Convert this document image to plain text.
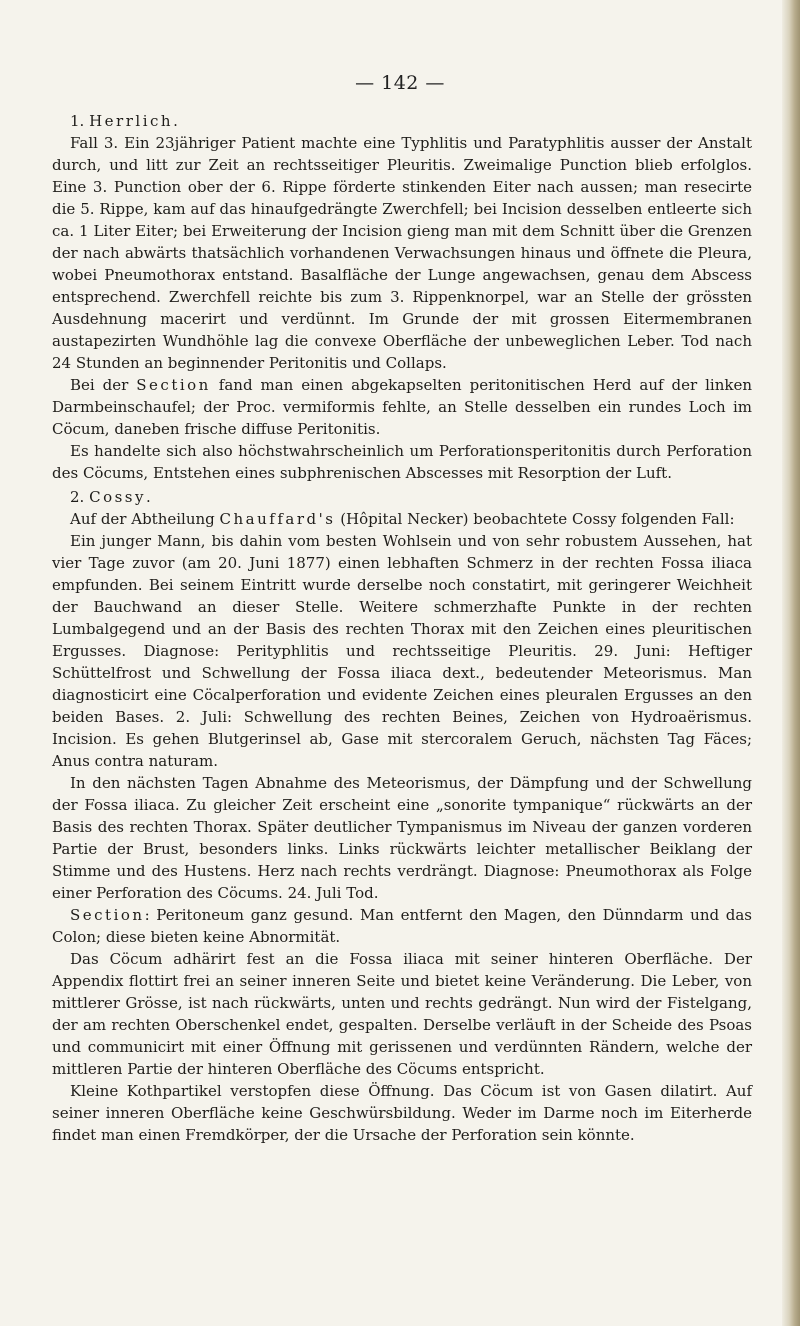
— 142 —

1. Herrlich.

Fall 3. Ein 23jähriger Patient machte eine Typhlitis und Paratyphlitis ausser der Anstalt durch, und litt zur Zeit an rechtsseitiger Pleuritis. Zweimalige Punction blieb erfolglos. Eine 3. Punction ober der 6. Rippe förderte stinkenden Eiter nach aussen; man resecirte die 5. Rippe, kam auf das hinaufgedrängte Zwerchfell; bei Incision desselben entleerte sich ca. 1 Liter Eiter; bei Erweiterung der Incision gieng man mit dem Schnitt über die Grenzen der nach abwärts thatsächlich vorhandenen Verwachsungen hinaus und öffnete die Pleura, wobei Pneumothorax entstand. Basalfläche der Lunge angewachsen, genau dem Abscess entsprechend. Zwerchfell reichte bis zum 3. Rippenknorpel, war an Stelle der grössten Ausdehnung macerirt und verdünnt. Im Grunde der mit grossen Eitermembranen austapezirten Wundhöhle lag die convexe Oberfläche der unbeweglichen Leber. Tod nach 24 Stunden an beginnender Peritonitis und Collaps.

Bei der Section fand man einen abgekapselten peritonitischen Herd auf der linken Darmbeinschaufel; der Proc. vermiformis fehlte, an Stelle desselben ein rundes Loch im Cöcum, daneben frische diffuse Peritonitis.

Es handelte sich also höchstwahrscheinlich um Perforationsperitonitis durch Perforation des Cöcums, Entstehen eines subphrenischen Abscesses mit Resorption der Luft.

2. Cossy.

Auf der Abtheilung Chauffard's (Hôpital Necker) beobachtete Cossy folgenden Fall:

Ein junger Mann, bis dahin vom besten Wohlsein und von sehr robustem Aussehen, hat vier Tage zuvor (am 20. Juni 1877) einen lebhaften Schmerz in der rechten Fossa iliaca empfunden. Bei seinem Eintritt wurde derselbe noch constatirt, mit geringerer Weichheit der Bauchwand an dieser Stelle. Weitere schmerzhafte Punkte in der rechten Lumbalgegend und an der Basis des rechten Thorax mit den Zeichen eines pleuritischen Ergusses. Diagnose: Perityphlitis und rechtsseitige Pleuritis. 29. Juni: Heftiger Schüttelfrost und Schwellung der Fossa iliaca dext., bedeutender Meteorismus. Man diagnosticirt eine Cöcalperforation und evidente Zeichen eines pleuralen Ergusses an den beiden Bases. 2. Juli: Schwellung des rechten Beines, Zeichen von Hydroaërismus. Incision. Es gehen Blutgerinsel ab, Gase mit stercoralem Geruch, nächsten Tag Fäces; Anus contra naturam.

In den nächsten Tagen Abnahme des Meteorismus, der Dämpfung und der Schwellung der Fossa iliaca. Zu gleicher Zeit erscheint eine „sonorite tympanique“ rückwärts an der Basis des rechten Thorax. Später deutlicher Tympanismus im Niveau der ganzen vorderen Partie der Brust, besonders links. Links rückwärts leichter metallischer Beiklang der Stimme und des Hustens. Herz nach rechts verdrängt. Diagnose: Pneumothorax als Folge einer Perforation des Cöcums. 24. Juli Tod.

Section: Peritoneum ganz gesund. Man entfernt den Magen, den Dünndarm und das Colon; diese bieten keine Abnormität.

Das Cöcum adhärirt fest an die Fossa iliaca mit seiner hinteren Oberfläche. Der Appendix flottirt frei an seiner inneren Seite und bietet keine Veränderung. Die Leber, von mittlerer Grösse, ist nach rückwärts, unten und rechts gedrängt. Nun wird der Fistelgang, der am rechten Oberschenkel endet, gespalten. Derselbe verläuft in der Scheide des Psoas und communicirt mit einer Öffnung mit gerissenen und verdünnten Rändern, welche der mittleren Partie der hinteren Oberfläche des Cöcums entspricht.

Kleine Kothpartikel verstopfen diese Öffnung. Das Cöcum ist von Gasen dilatirt. Auf seiner inneren Oberfläche keine Geschwürsbildung. Weder im Darme noch im Eiterherde findet man einen Fremdkörper, der die Ursache der Perforation sein könnte.
